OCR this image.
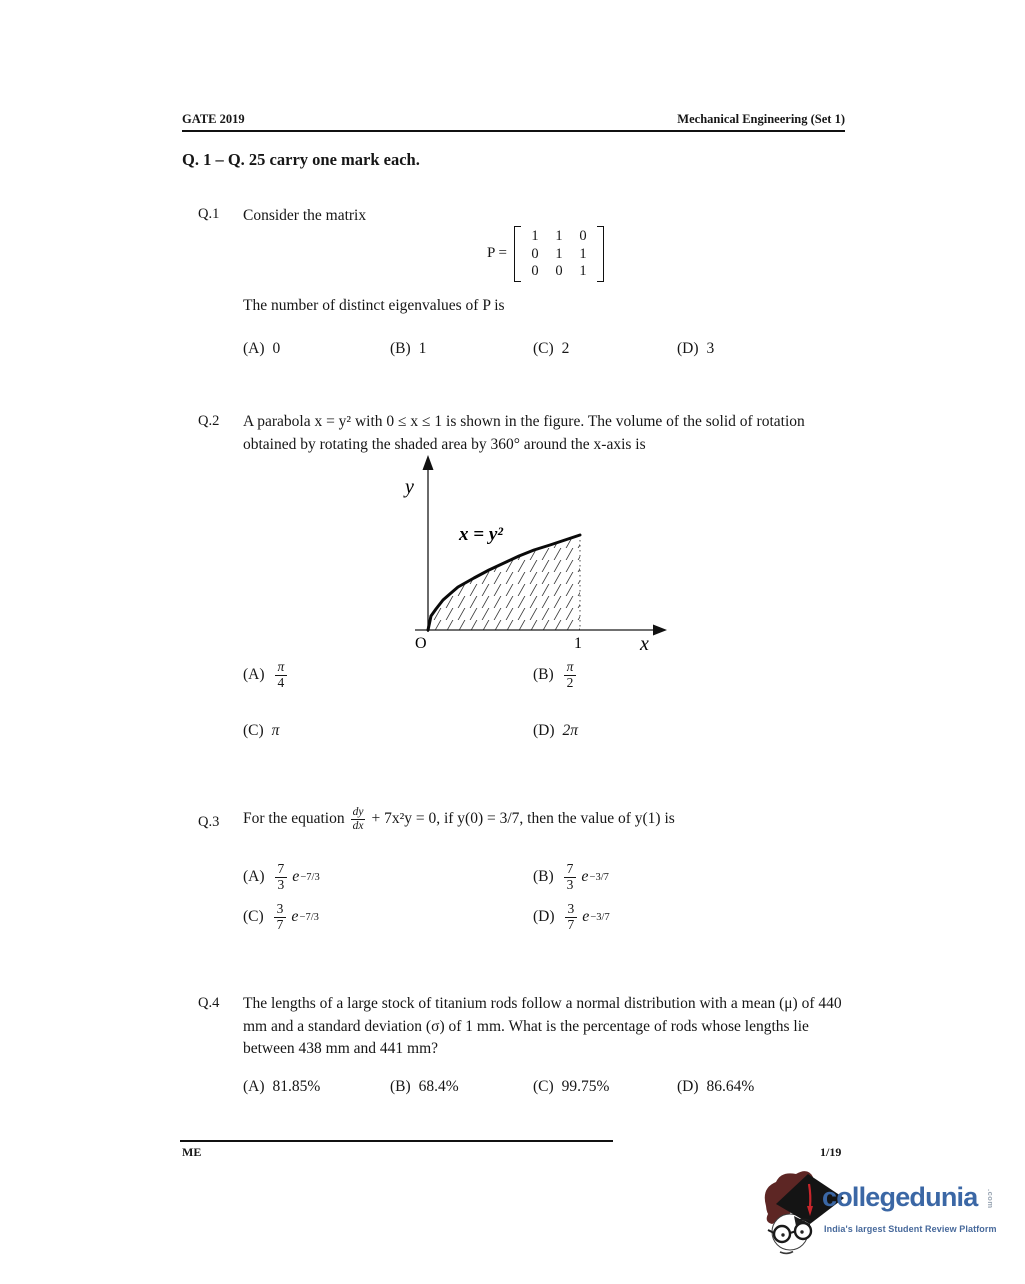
GATE 2019	Mechanical Engineering (Set 1)
Q. 1 – Q. 25 carry one mark each.
Q.1 Consider the matrix
P =
1	1	0
0	1	1
0	0	1
The number of distinct eigenvalues of P is
(A) 0	(B) 1	(C) 2	(D) 3
Q.2 A parabola x = y² with 0 ≤ x ≤ 1 is shown in the figure. The volume of the solid of rotation obtained by rotating the shaded area by 360° around the x-axis is
y
x
O	1
x = y²
$(A) \frac{\pi}{4}$	$(B) \frac{\pi}{2}$
(C) π	(D) 2π
Q.3 For the equation $\frac{dy}{dx} + 7x^2y = 0$, if y(0) = 3/7, then the value of y(1) is
$(A) \frac{7}{3}$ e −7/3	$(B) \frac{7}{3}$ e −3/7
$(C) \frac{3}{7}$ e −7/3	$(D) \frac{3}{7}$ e −3/7
Q.4 The lengths of a large stock of titanium rods follow a normal distribution with a mean (μ) of 440 mm and a standard deviation (σ) of 1 mm. What is the percentage of rods whose lengths lie between 438 mm and 441 mm?
(A) 81.85%	(B) 68.4%	(C) 99.75%	(D) 86.64%
ME	1/19
collegedunia .com
India's largest Student Review Platform
